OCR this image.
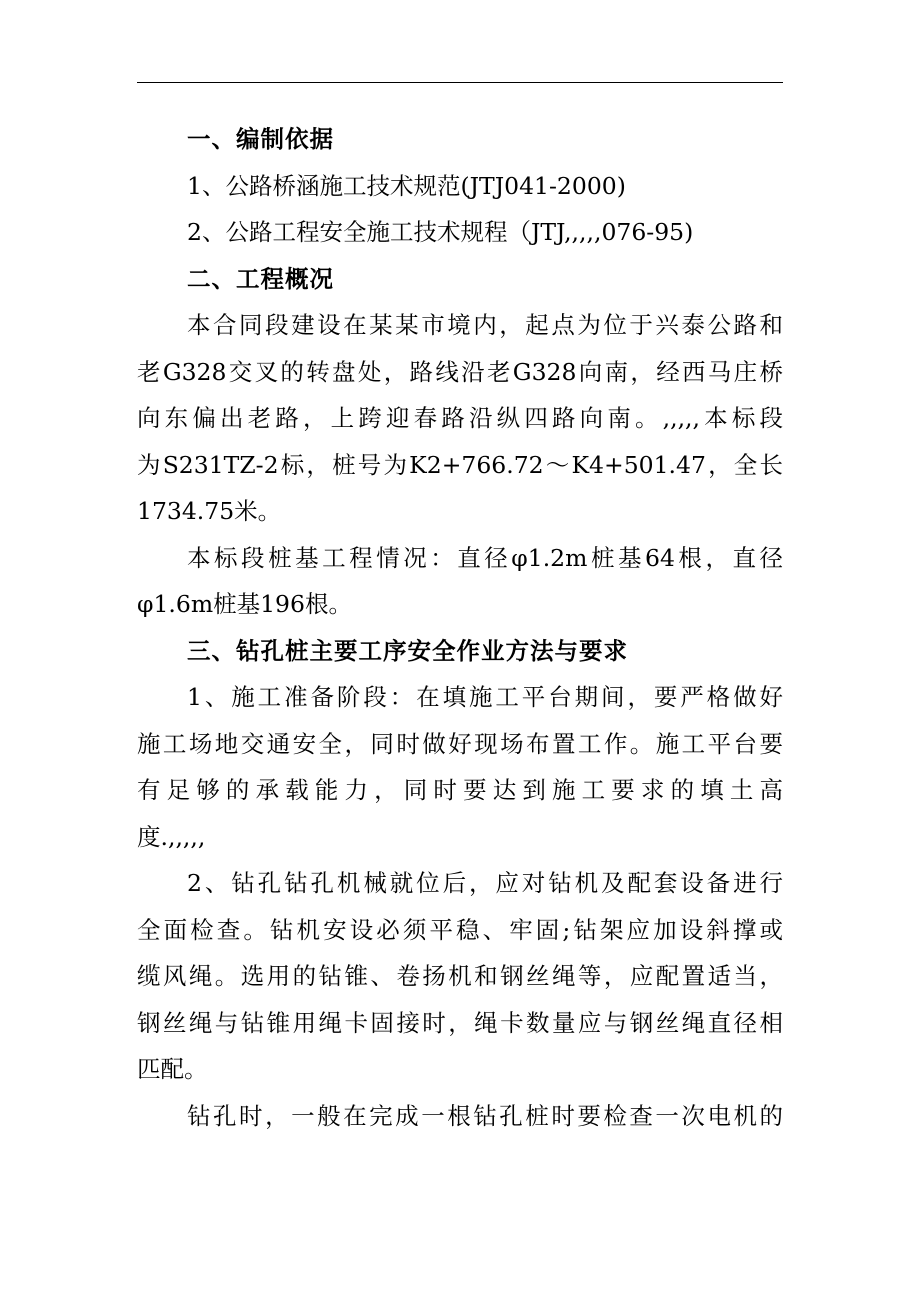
一、编制依据
1、公路桥涵施工技术规范(JTJ041-2000)
2、公路工程安全施工技术规程（JTJ,,,,,076-95)
二、工程概况
本合同段建设在某某市境内，起点为位于兴泰公路和
老G328交叉的转盘处，路线沿老G328向南，经西马庄桥
向东偏出老路，上跨迎春路沿纵四路向南。,,,,,本标段
为S231TZ-2标，桩号为K2+766.72～K4+501.47，全长
1734.75米。
本标段桩基工程情况：直径φ1.2m桩基64根，直径
φ1.6m桩基196根。
三、钻孔桩主要工序安全作业方法与要求
1、施工准备阶段：在填施工平台期间，要严格做好
施工场地交通安全，同时做好现场布置工作。施工平台要
有足够的承载能力，同时要达到施工要求的填土高
度.,,,,,
2、钻孔钻孔机械就位后，应对钻机及配套设备进行
全面检查。钻机安设必须平稳、牢固;钻架应加设斜撑或
缆风绳。选用的钻锥、卷扬机和钢丝绳等，应配置适当，
钢丝绳与钻锥用绳卡固接时，绳卡数量应与钢丝绳直径相
匹配。
钻孔时，一般在完成一根钻孔桩时要检查一次电机的
